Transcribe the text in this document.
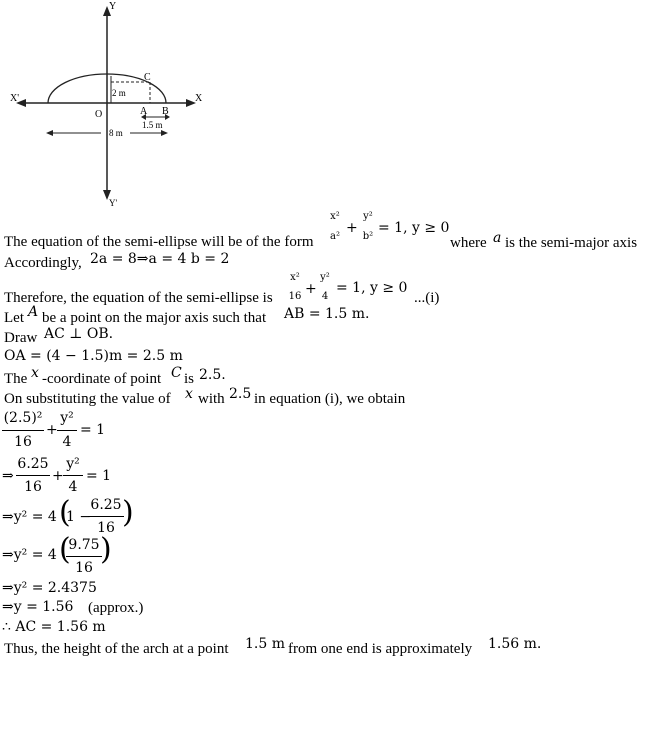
Y
Y'
X'	X
O	A B
C
2 m
1.5 m
8 m
The equation of the semi-ellipse will be of the form
x²
a²
+
y²
b²
= 1, y ≥ 0
where a is the semi-major axis
Accordingly, 2a = 8⇒a = 4 b = 2
Therefore, the equation of the semi-ellipse is
x²
16 +
y²
4
= 1, y ≥ 0
...(i)
Let A be a point on the major axis such that AB = 1.5 m.
Draw AC ⊥ OB.
OA = (4 − 1.5)m = 2.5 m
The x -coordinate of point C is 2.5.
On substituting the value of x with 2.5 in equation (i), we obtain
(2.5)²
16
+
y²
4
= 1
⇒
6.25
16
+
y²
4
= 1
⇒y² = 4 (
1 −
6.25
16 )
⇒y² = 4 (
9.75
16
)
⇒y² = 2.4375
⇒y = 1.56 (approx.)
∴ AC = 1.56 m
Thus, the height of the arch at a point 1.5 m from one end is approximately 1.56 m.
